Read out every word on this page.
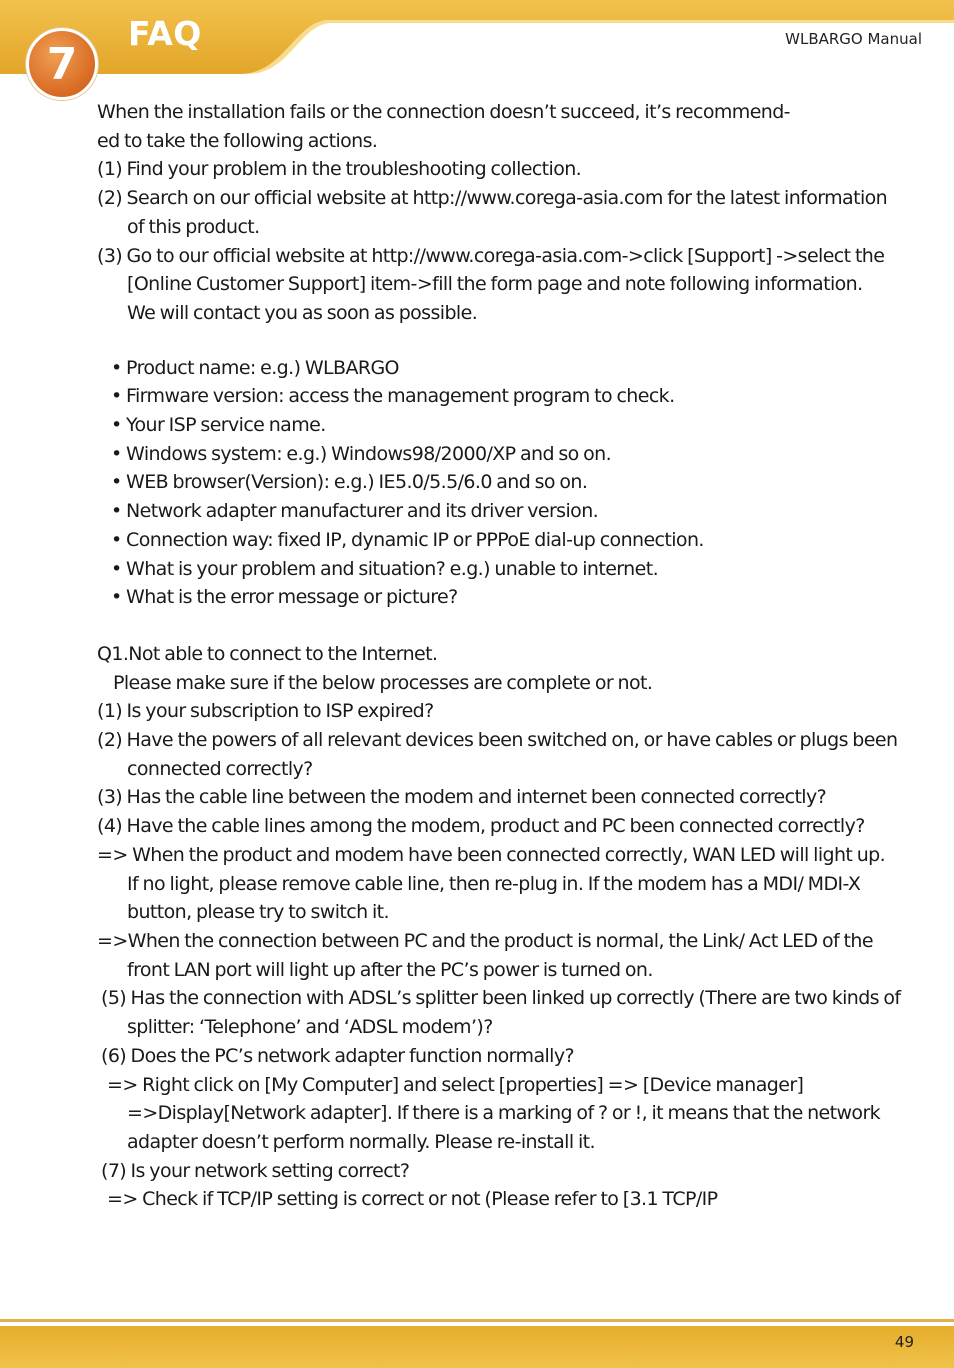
7
FAQ	WLBARGO Manual

When the installation fails or the connection doesn’t succeed, it’s recommend-

ed to take the following actions.

(1) Find your problem in the troubleshooting collection.

(2) Search on our official website at http://www.corega-asia.com for the latest information of this product.

(3) Go to our official website at http://www.corega-asia.com->click [Support] ->select the [Online Customer Support] item->fill the form page and note following information. We will contact you as soon as possible.

• Product name: e.g.) WLBARGO

• Firmware version: access the management program to check.

• Your ISP service name.

• Windows system: e.g.) Windows98/2000/XP and so on.

• WEB browser(Version): e.g.) IE5.0/5.5/6.0 and so on.

• Network adapter manufacturer and its driver version.

• Connection way: fixed IP, dynamic IP or PPPoE dial-up connection.

• What is your problem and situation? e.g.) unable to internet.

• What is the error message or picture?

Q1.Not able to connect to the Internet.

Please make sure if the below processes are complete or not.

(1) Is your subscription to ISP expired?

(2) Have the powers of all relevant devices been switched on, or have cables or plugs been connected correctly?

(3) Has the cable line between the modem and internet been connected correctly?

(4) Have the cable lines among the modem, product and PC been connected correctly?

=> When the product and modem have been connected correctly, WAN LED will light up. If no light, please remove cable line, then re-plug in. If the modem has a MDI/ MDI-X button, please try to switch it.

=>When the connection between PC and the product is normal, the Link/ Act LED of the front LAN port will light up after the PC’s power is turned on.

(5) Has the connection with ADSL’s splitter been linked up correctly (There are two kinds of splitter: ‘Telephone’ and ‘ADSL modem’)?

(6) Does the PC’s network adapter function normally?

=> Right click on [My Computer] and select [properties] => [Device manager] =>Display[Network adapter]. If there is a marking of ? or !, it means that the network adapter doesn’t perform normally. Please re-install it.

(7) Is your network setting correct?

=> Check if TCP/IP setting is correct or not (Please refer to [3.1 TCP/IP

49
